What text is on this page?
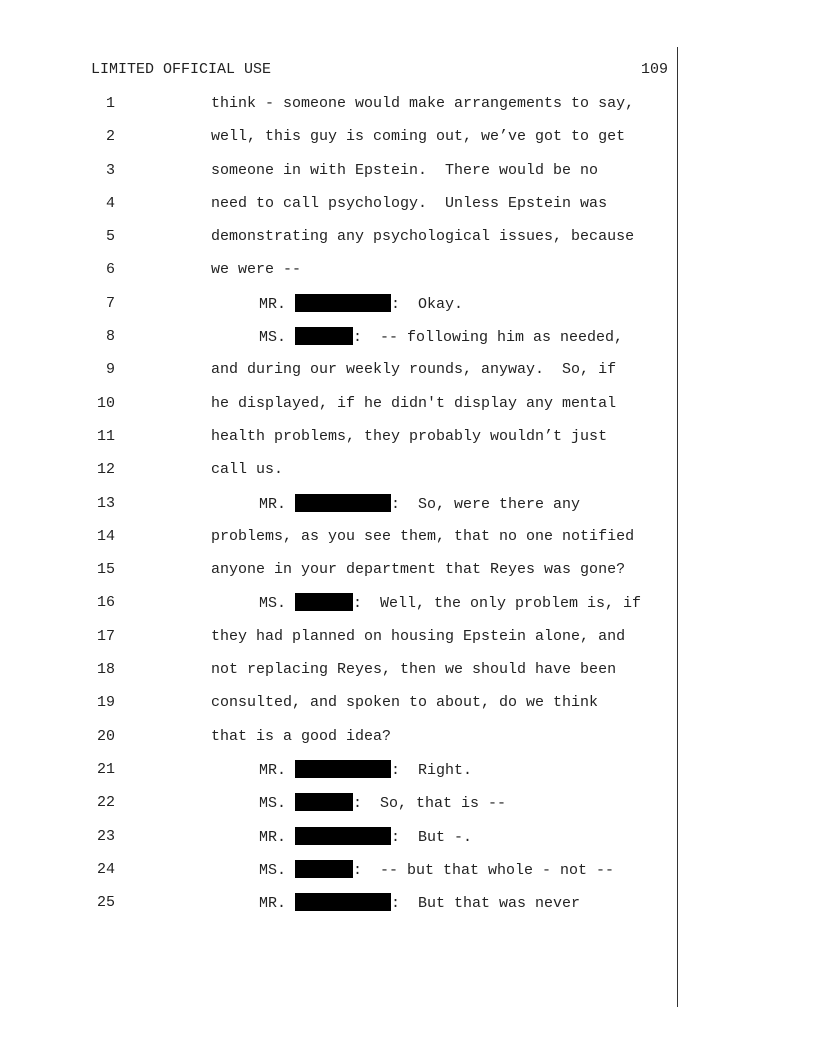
LIMITED OFFICIAL USE	109
1	think - someone would make arrangements to say,
2	well, this guy is coming out, we’ve got to get
3	someone in with Epstein.  There would be no
4	need to call psychology.  Unless Epstein was
5	demonstrating any psychological issues, because
6	we were --
7	MR.	:  Okay.
8	MS.	:  -- following him as needed,
9	and during our weekly rounds, anyway.  So, if
10	he displayed, if he didn't display any mental
11	health problems, they probably wouldn’t just
12	call us.
13	MR.	:  So, were there any
14	problems, as you see them, that no one notified
15	anyone in your department that Reyes was gone?
16	MS.	:  Well, the only problem is, if
17	they had planned on housing Epstein alone, and
18	not replacing Reyes, then we should have been
19	consulted, and spoken to about, do we think
20	that is a good idea?
21	MR.	:  Right.
22	MS.	:  So, that is --
23	MR.	:  But -.
24	MS.	:  -- but that whole - not --
25	MR.	:  But that was never
